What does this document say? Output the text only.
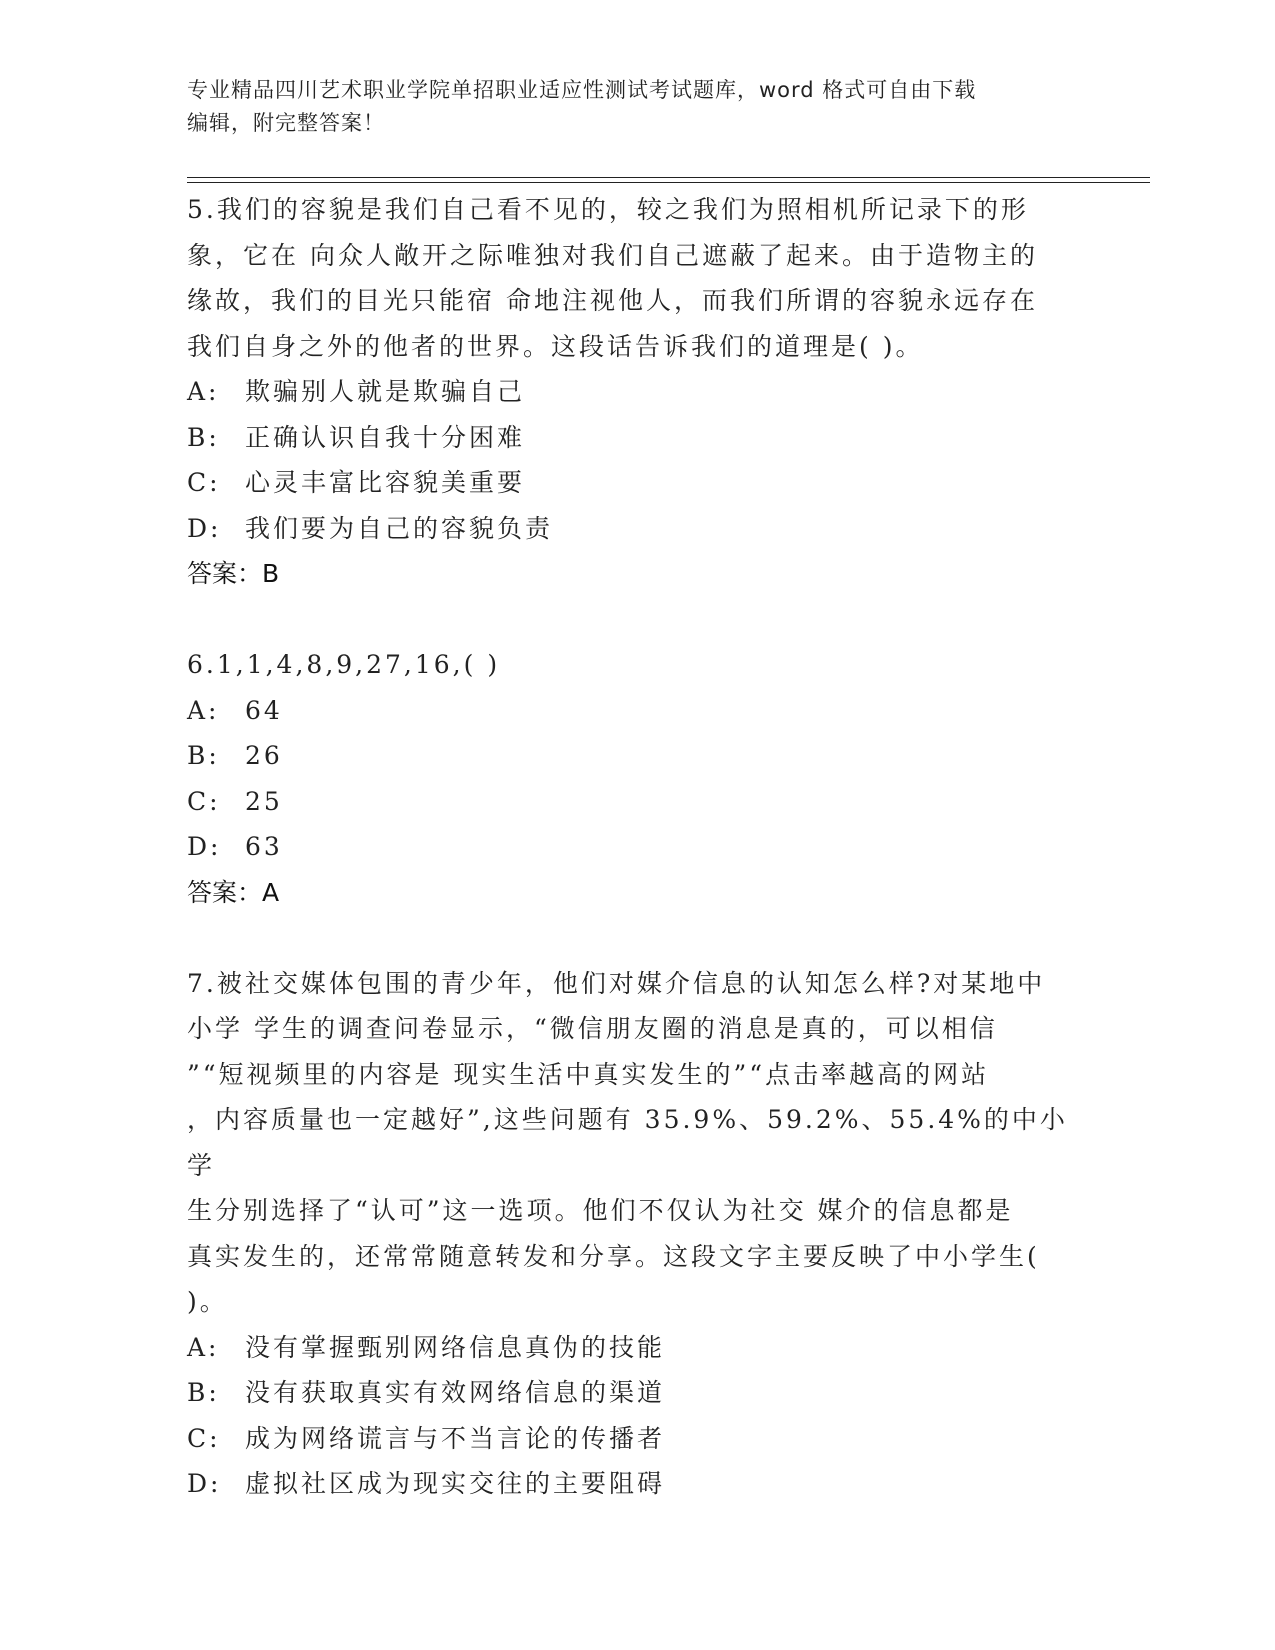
专业精品四川艺术职业学院单招职业适应性测试考试题库，word 格式可自由下载
编辑，附完整答案！
5.我们的容貌是我们自己看不见的，较之我们为照相机所记录下的形
象，它在 向众人敞开之际唯独对我们自己遮蔽了起来。由于造物主的
缘故，我们的目光只能宿 命地注视他人，而我们所谓的容貌永远存在
我们自身之外的他者的世界。这段话告诉我们的道理是( )。
A:	欺骗别人就是欺骗自己
B:	正确认识自我十分困难
C: 心灵丰富比容貌美重要
D: 我们要为自己的容貌负责
答案：B
6.1,1,4,8,9,27,16,( )
A:	64
B:	26
C: 25
D: 63
答案：A
7.被社交媒体包围的青少年，他们对媒介信息的认知怎么样?对某地中
小学 学生的调查问卷显示，“微信朋友圈的消息是真的，可以相信
”“短视频里的内容是 现实生活中真实发生的”“点击率越高的网站
，内容质量也一定越好”,这些问题有 35.9%、59.2%、55.4%的中小学
生分别选择了“认可”这一选项。他们不仅认为社交 媒介的信息都是
真实发生的，还常常随意转发和分享。这段文字主要反映了中小学生(
)。
A:	没有掌握甄别网络信息真伪的技能
B:	没有获取真实有效网络信息的渠道
C: 成为网络谎言与不当言论的传播者
D: 虚拟社区成为现实交往的主要阻碍
